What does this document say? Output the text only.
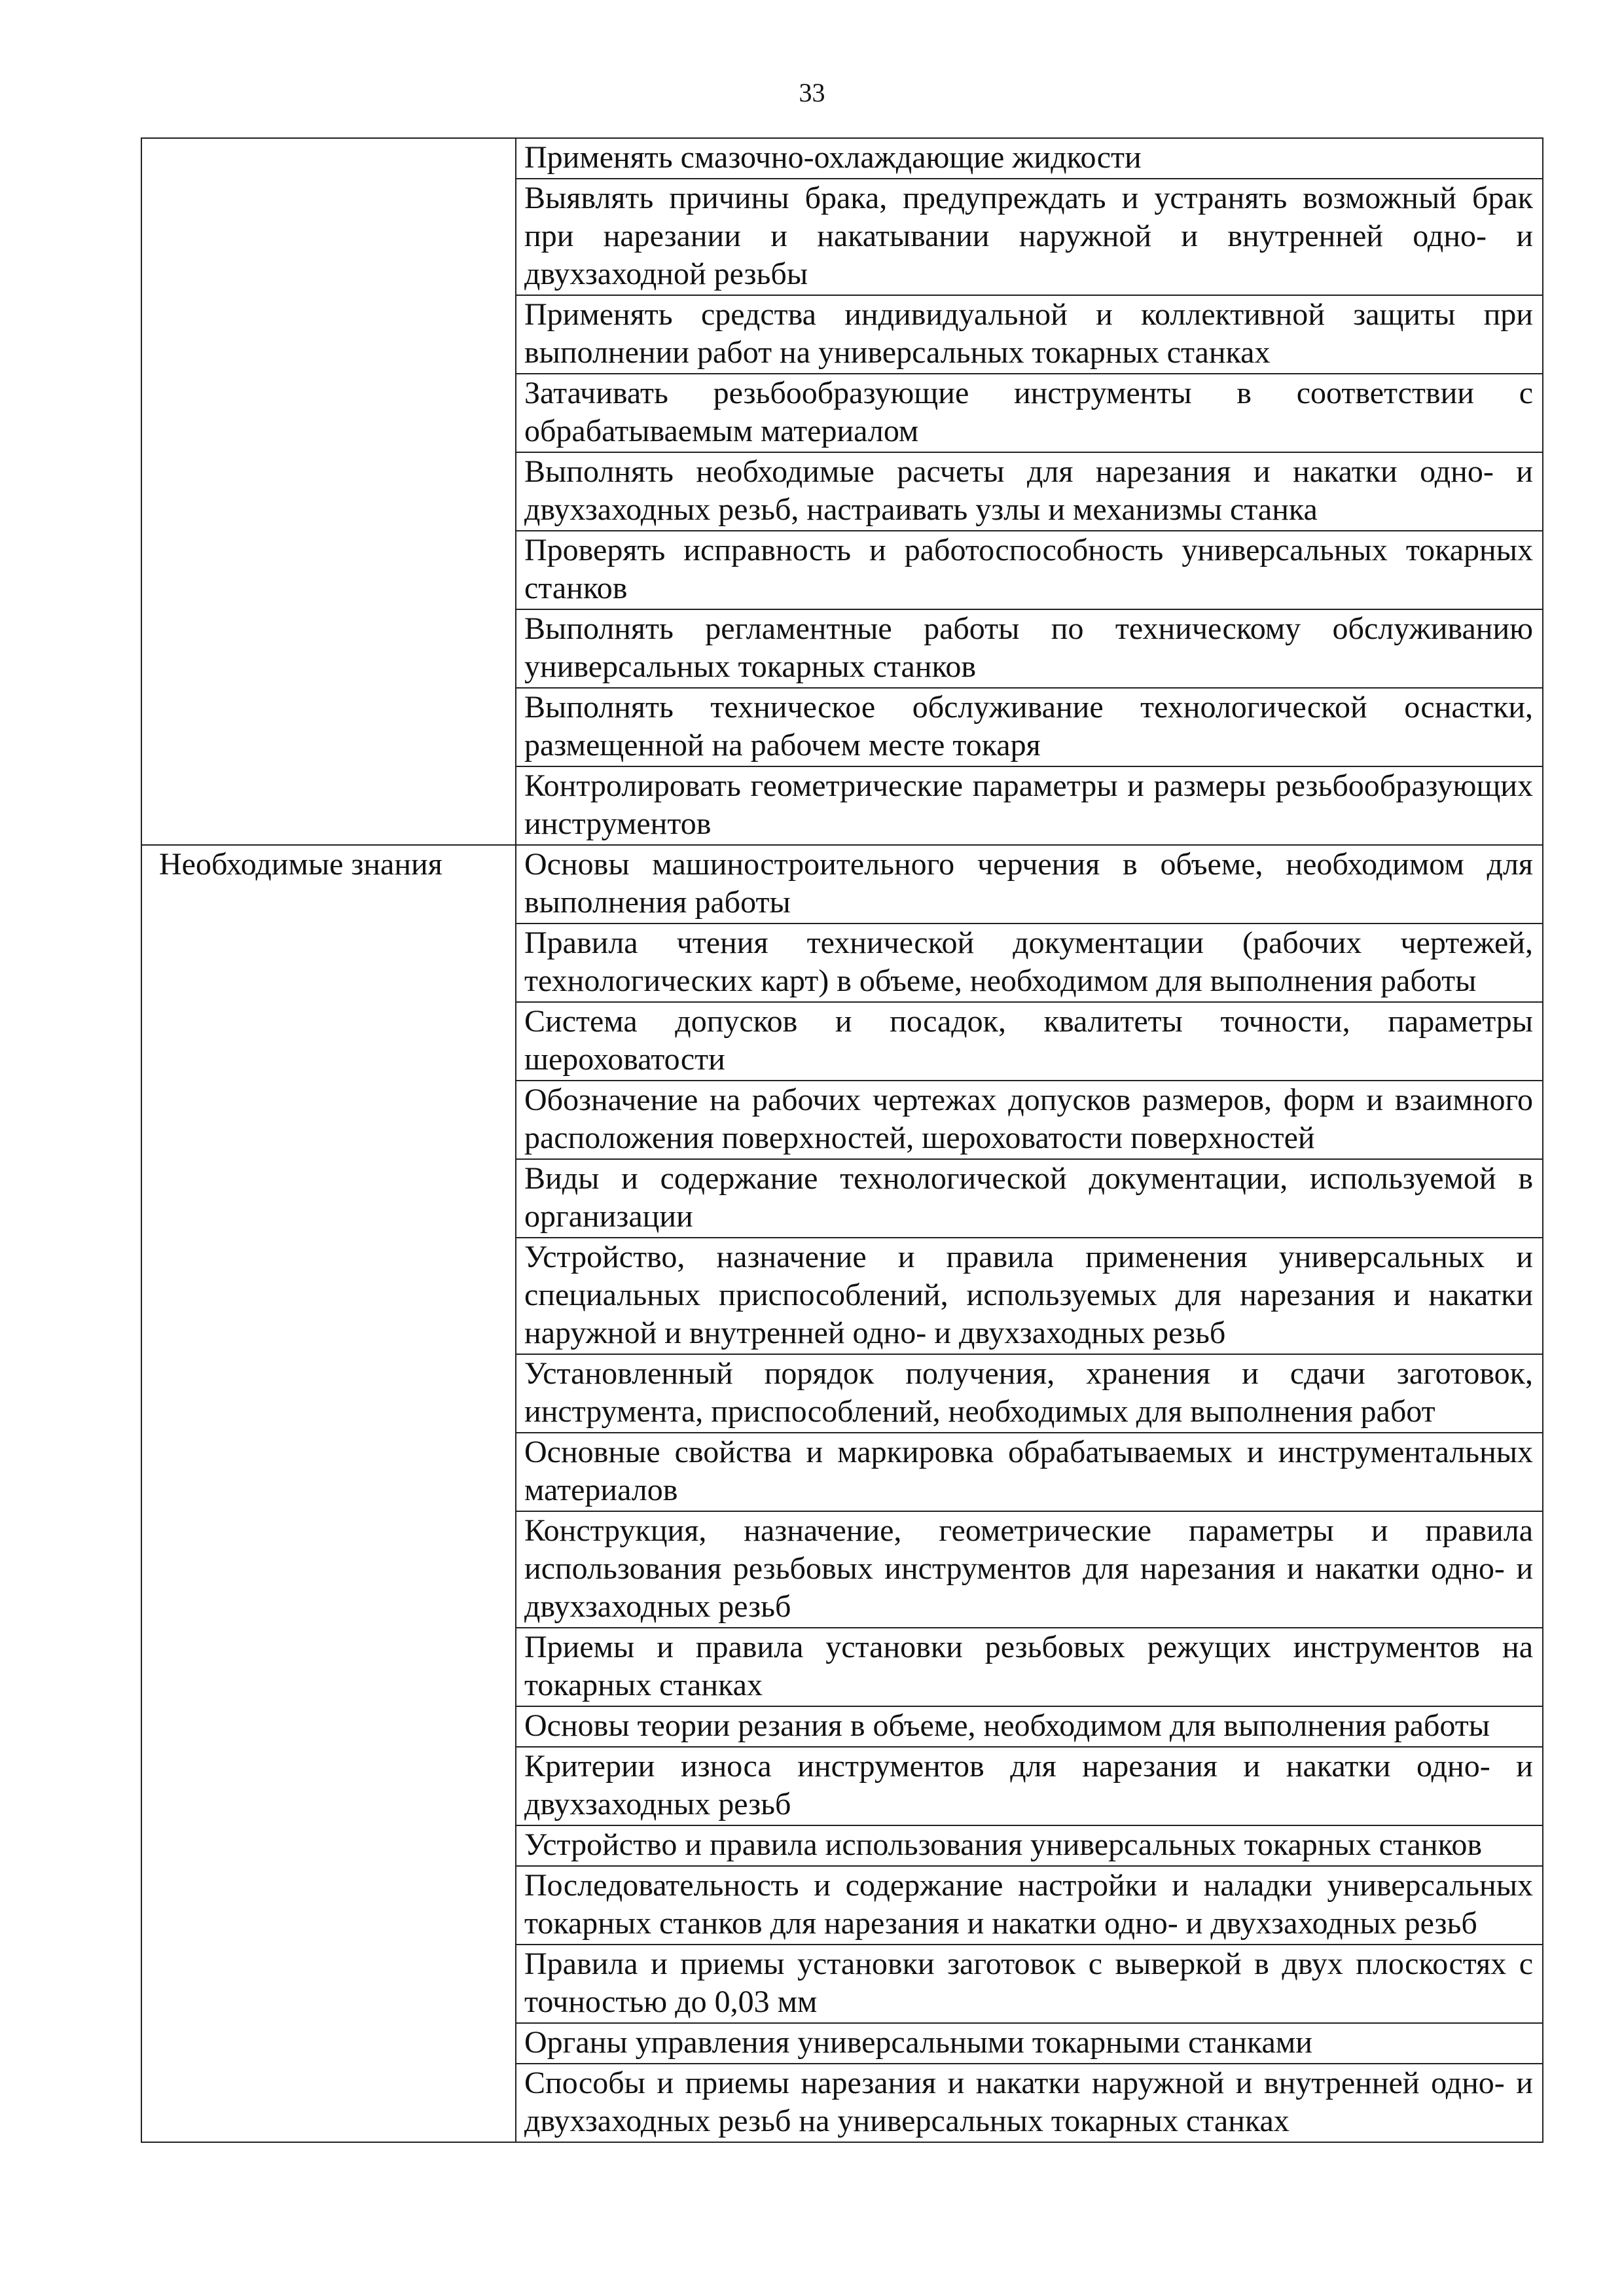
33
	Применять смазочно-охлаждающие жидкости
	Выявлять причины брака, предупреждать и устранять возможный брак при нарезании и накатывании наружной и внутренней одно- и двухзаходной резьбы
	Применять средства индивидуальной и коллективной защиты при выполнении работ на универсальных токарных станках
	Затачивать резьбообразующие инструменты в соответствии с обрабатываемым материалом
	Выполнять необходимые расчеты для нарезания и накатки одно- и двухзаходных резьб, настраивать узлы и механизмы станка
	Проверять исправность и работоспособность универсальных токарных станков
	Выполнять регламентные работы по техническому обслуживанию универсальных токарных станков
	Выполнять техническое обслуживание технологической оснастки, размещенной на рабочем месте токаря
	Контролировать геометрические параметры и размеры резьбообразующих инструментов

Необходимые знания	Основы машиностроительного черчения в объеме, необходимом для выполнения работы
	Правила чтения технической документации (рабочих чертежей, технологических карт) в объеме, необходимом для выполнения работы
	Система допусков и посадок, квалитеты точности, параметры шероховатости
	Обозначение на рабочих чертежах допусков размеров, форм и взаимного расположения поверхностей, шероховатости поверхностей
	Виды и содержание технологической документации, используемой в организации
	Устройство, назначение и правила применения универсальных и специальных приспособлений, используемых для нарезания и накатки наружной и внутренней одно- и двухзаходных резьб
	Установленный порядок получения, хранения и сдачи заготовок, инструмента, приспособлений, необходимых для выполнения работ
	Основные свойства и маркировка обрабатываемых и инструментальных материалов
	Конструкция, назначение, геометрические параметры и правила использования резьбовых инструментов для нарезания и накатки одно- и двухзаходных резьб
	Приемы и правила установки резьбовых режущих инструментов на токарных станках
	Основы теории резания в объеме, необходимом для выполнения работы
	Критерии износа инструментов для нарезания и накатки одно- и двухзаходных резьб
	Устройство и правила использования универсальных токарных станков
	Последовательность и содержание настройки и наладки универсальных токарных станков для нарезания и накатки одно- и двухзаходных резьб
	Правила и приемы установки заготовок с выверкой в двух плоскостях с точностью до 0,03 мм
	Органы управления универсальными токарными станками
	Способы и приемы нарезания и накатки наружной и внутренней одно- и двухзаходных резьб на универсальных токарных станках
